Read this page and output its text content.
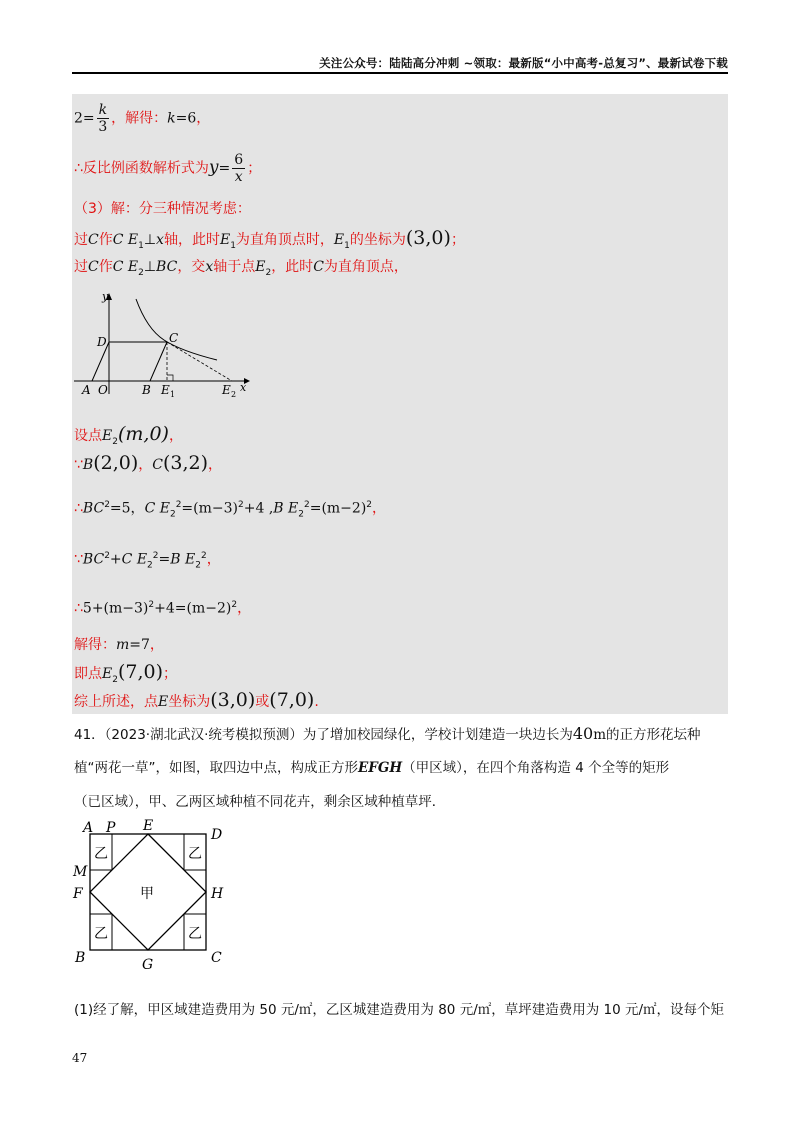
关注公众号：陆陆高分冲刺 ~领取：最新版“小中高考-总复习”、最新试卷下载
$2= \frac{k}{3}$ ，解得：k=6，
∴反比例函数解析式为$y= \frac{6}{x}$ ；
（3）解：分三种情况考虑：
过C作C $E_1\perp x$轴，此时$E_1$为直角顶点时，$E_1$的坐标为(3,0)；
过C作C $E_2\perp BC$，交x轴于点$E_2$，此时C为直角顶点，
y
D	C
A O	B E 1	E 2
x
设点$E_2(m,0)$，
∵B(2,0)，C(3,2)，
$\therefore BC^2=5$，C $E_2^2=(m-3)^2+4$ ,B $E_2^2=(m-2)^2$，
$\because BC^2+C$ $E_2^2=B$ $E_2^2$，
$\therefore 5+(m-3)^2+4=(m-2)^2$，
解得：m=7，
即点$E_2(7,0)$；
综上所述，点E坐标为(3,0)或(7,0).
41．（2023·湖北武汉·统考模拟预测）为了增加校园绿化，学校计划建造一块边长为40m的正方形花坛种
植“两花一草”，如图，取四边中点，构成正方形EFGH（甲区域），在四个角落构造 4 个全等的矩形
（已区域），甲、乙两区域种植不同花卉，剩余区域种植草坪．
A P E
D
M
F	H
B	G	C
甲
乙	乙
乙	乙
(1)经了解，甲区域建造费用为 50 元/㎡，乙区城建造费用为 80 元/㎡，草坪建造费用为 10 元/㎡，设每个矩
47
